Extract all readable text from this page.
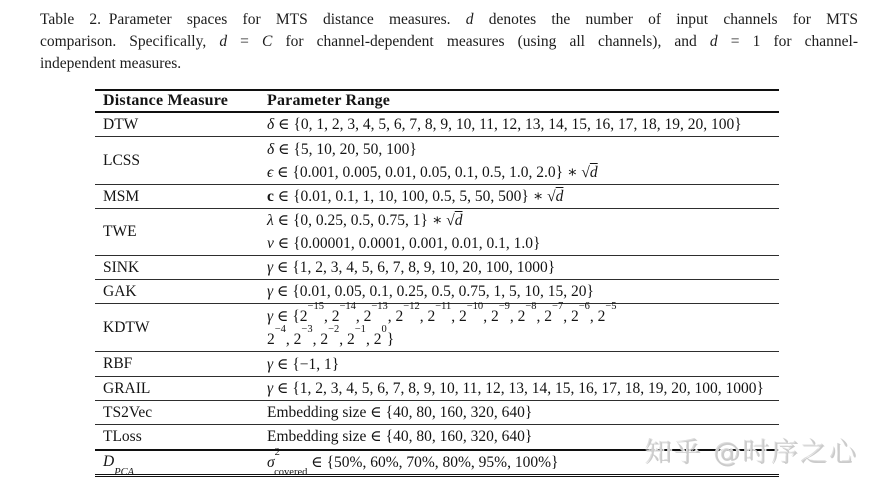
Table 2. Parameter spaces for MTS distance measures. d denotes the number of input channels for MTS
comparison. Specifically, d = C for channel-dependent measures (using all channels), and d = 1 for channel-
independent measures.
Distance Measure	Parameter Range
DTW	δ ∈ {0, 1, 2, 3, 4, 5, 6, 7, 8, 9, 10, 11, 12, 13, 14, 15, 16, 17, 18, 19, 20, 100}

LCSS	δ ∈ {5, 10, 20, 50, 100}
ϵ ∈ {0.001, 0.005, 0.01, 0.05, 0.1, 0.5, 1.0, 2.0} ∗ √d

MSM	c ∈ {0.01, 0.1, 1, 10, 100, 0.5, 5, 50, 500} ∗ √d

TWE	λ ∈ {0, 0.25, 0.5, 0.75, 1} ∗ √d
ν ∈ {0.00001, 0.0001, 0.001, 0.01, 0.1, 1.0}

SINK	γ ∈ {1, 2, 3, 4, 5, 6, 7, 8, 9, 10, 20, 100, 1000}

GAK	γ ∈ {0.01, 0.05, 0.1, 0.25, 0.5, 0.75, 1, 5, 10, 15, 20}

KDTW	γ ∈ {$2^{-15}$, $2^{-14}$, $2^{-13}$, $2^{-12}$, $2^{-11}$, $2^{-10}$, $2^{-9}$, $2^{-8}$, $2^{-7}$, $2^{-6}$, $2^{-5}$
$2^{-4}$, $2^{-3}$, $2^{-2}$, $2^{-1}$, $2^0$}

RBF	γ ∈ {−1, 1}

GRAIL	γ ∈ {1, 2, 3, 4, 5, 6, 7, 8, 9, 10, 11, 12, 13, 14, 15, 16, 17, 18, 19, 20, 100, 1000}

TS2Vec	Embedding size ∈ {40, 80, 160, 320, 640}

TLoss	Embedding size ∈ {40, 80, 160, 320, 640}

$D_{PCA}$	$\sigma^2_{covered}$ ∈ {50%, 60%, 70%, 80%, 95%, 100%}	知乎 @时序之心
